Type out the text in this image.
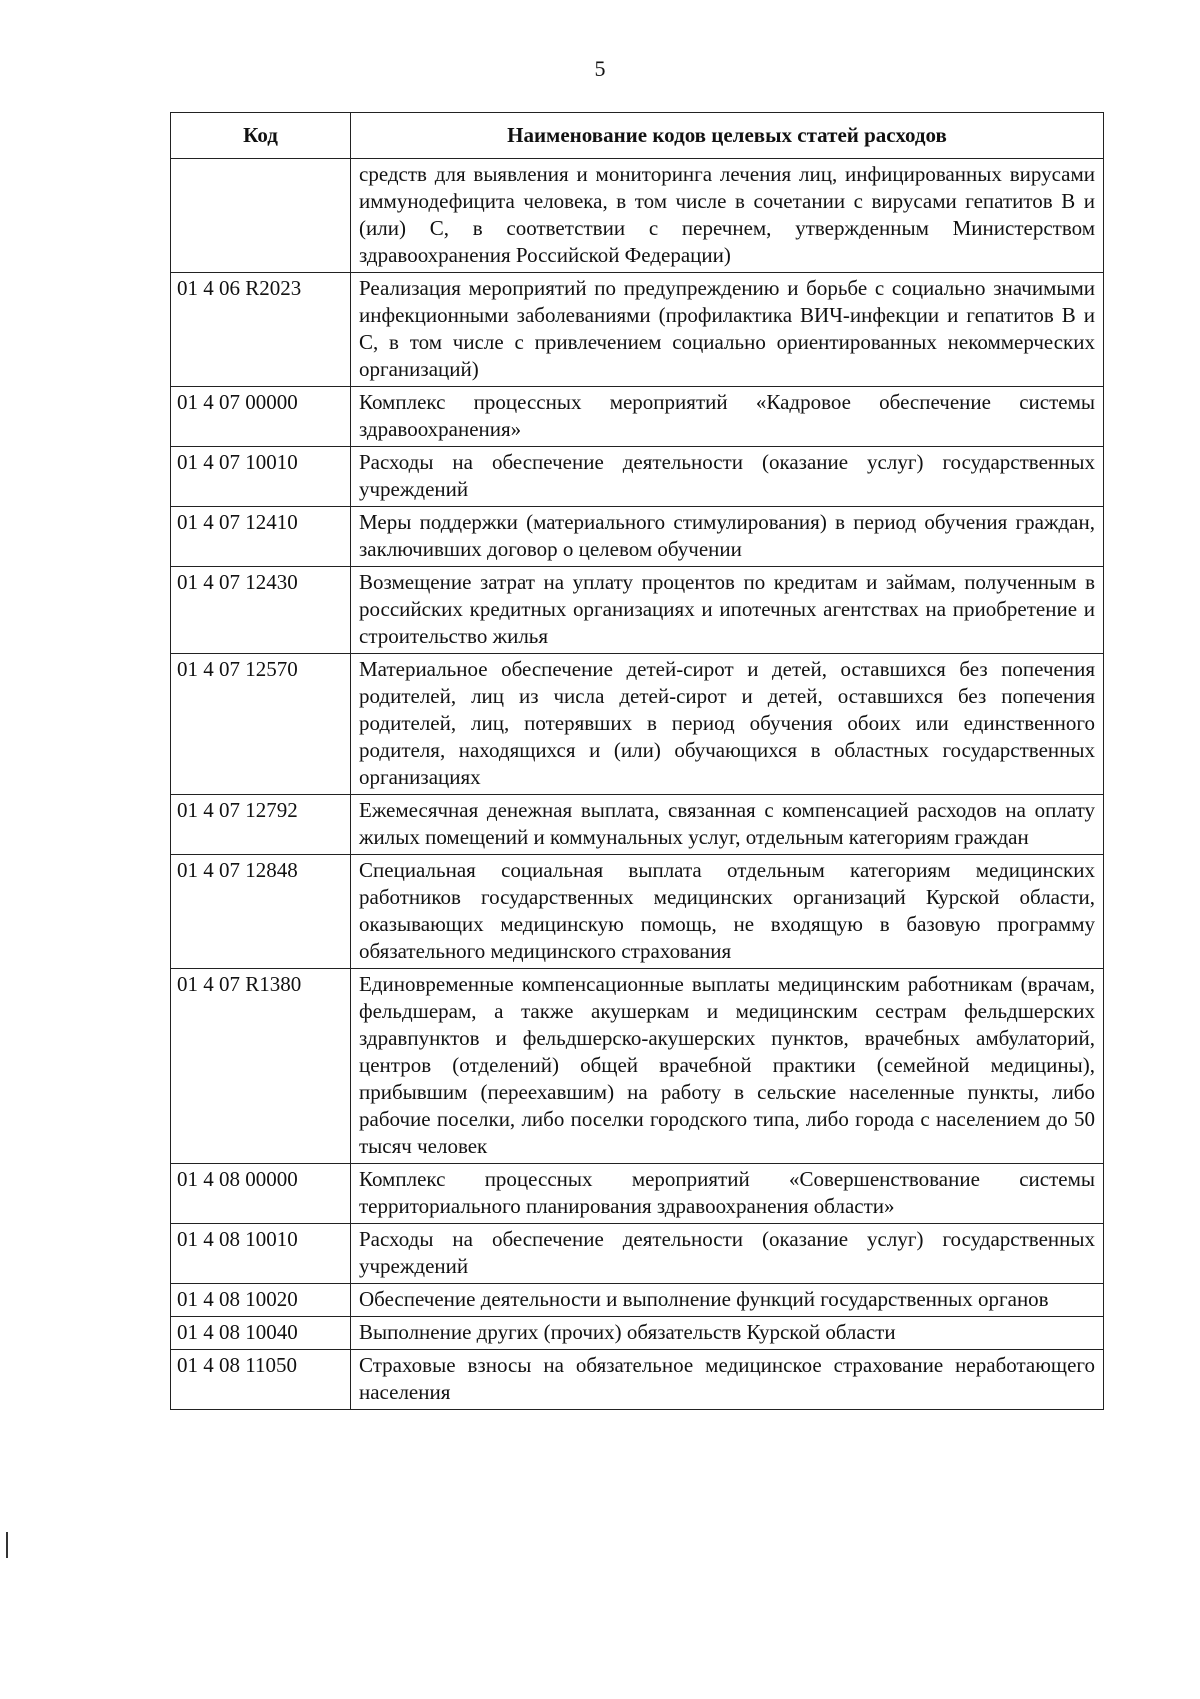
5
Код	Наименование кодов целевых статей расходов
	средств для выявления и мониторинга лечения лиц, инфицированных вирусами иммунодефицита человека, в том числе в сочетании с вирусами гепатитов B и (или) C, в соответствии с перечнем, утвержденным Министерством здравоохранения Российской Федерации)
01 4 06 R2023	Реализация мероприятий по предупреждению и борьбе с социально значимыми инфекционными заболеваниями (профилактика ВИЧ-инфекции и гепатитов B и C, в том числе с привлечением социально ориентированных некоммерческих организаций)
01 4 07 00000	Комплекс процессных мероприятий «Кадровое обеспечение системы здравоохранения»
01 4 07 10010	Расходы на обеспечение деятельности (оказание услуг) государственных учреждений
01 4 07 12410	Меры поддержки (материального стимулирования) в период обучения граждан, заключивших договор о целевом обучении
01 4 07 12430	Возмещение затрат на уплату процентов по кредитам и займам, полученным в российских кредитных организациях и ипотечных агентствах на приобретение и строительство жилья
01 4 07 12570	Материальное обеспечение детей-сирот и детей, оставшихся без попечения родителей, лиц из числа детей-сирот и детей, оставшихся без попечения родителей, лиц, потерявших в период обучения обоих или единственного родителя, находящихся и (или) обучающихся в областных государственных организациях
01 4 07 12792	Ежемесячная денежная выплата, связанная с компенсацией расходов на оплату жилых помещений и коммунальных услуг, отдельным категориям граждан
01 4 07 12848	Специальная социальная выплата отдельным категориям медицинских работников государственных медицинских организаций Курской области, оказывающих медицинскую помощь, не входящую в базовую программу обязательного медицинского страхования
01 4 07 R1380	Единовременные компенсационные выплаты медицинским работникам (врачам, фельдшерам, а также акушеркам и медицинским сестрам фельдшерских здравпунктов и фельдшерско-акушерских пунктов, врачебных амбулаторий, центров (отделений) общей врачебной практики (семейной медицины), прибывшим (переехавшим) на работу в сельские населенные пункты, либо рабочие поселки, либо поселки городского типа, либо города с населением до 50 тысяч человек
01 4 08 00000	Комплекс процессных мероприятий «Совершенствование системы территориального планирования здравоохранения области»
01 4 08 10010	Расходы на обеспечение деятельности (оказание услуг) государственных учреждений
01 4 08 10020	Обеспечение деятельности и выполнение функций государственных органов
01 4 08 10040	Выполнение других (прочих) обязательств Курской области
01 4 08 11050	Страховые взносы на обязательное медицинское страхование неработающего населения
